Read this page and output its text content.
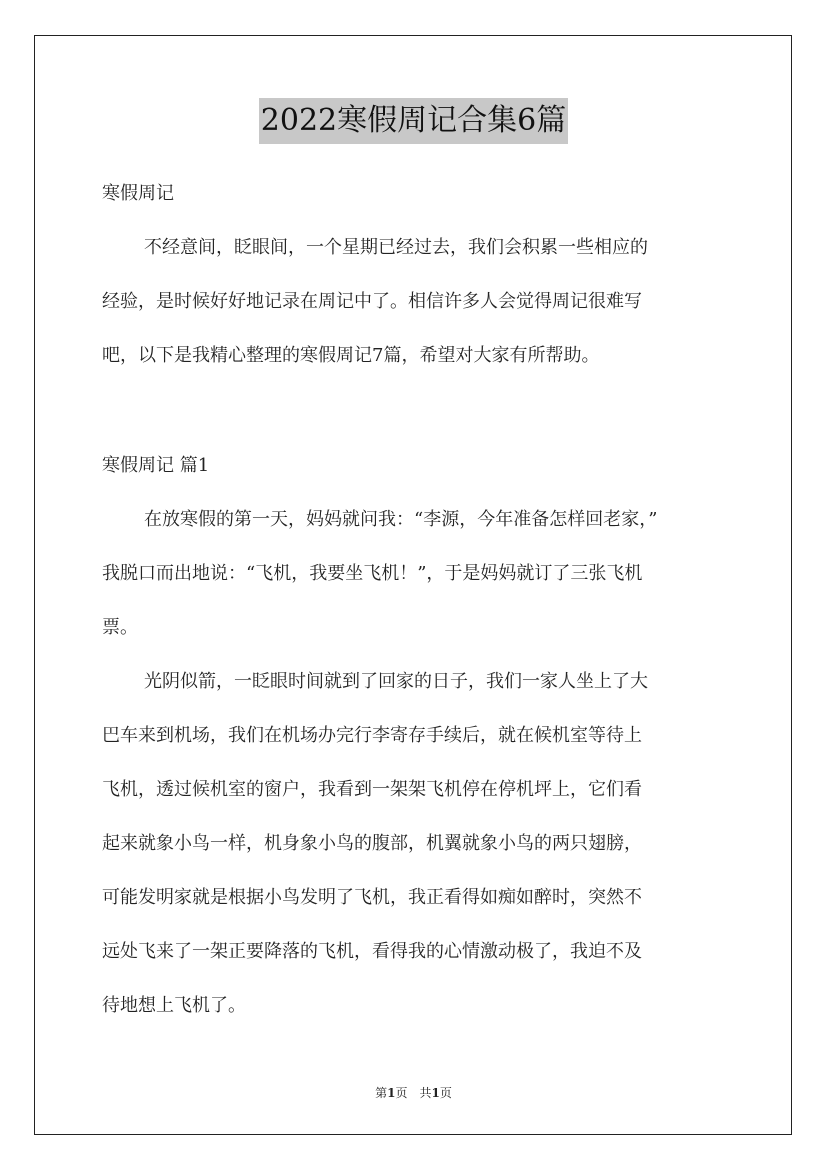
2022寒假周记合集6篇
寒假周记
不经意间，眨眼间，一个星期已经过去，我们会积累一些相应的
经验，是时候好好地记录在周记中了。相信许多人会觉得周记很难写
吧，以下是我精心整理的寒假周记7篇，希望对大家有所帮助。
寒假周记 篇1
在放寒假的第一天，妈妈就问我：“李源，今年准备怎样回老家，”
我脱口而出地说：“飞机，我要坐飞机！”，于是妈妈就订了三张飞机
票。
光阴似箭，一眨眼时间就到了回家的日子，我们一家人坐上了大
巴车来到机场，我们在机场办完行李寄存手续后，就在候机室等待上
飞机，透过候机室的窗户，我看到一架架飞机停在停机坪上，它们看
起来就象小鸟一样，机身象小鸟的腹部，机翼就象小鸟的两只翅膀，
可能发明家就是根据小鸟发明了飞机，我正看得如痴如醉时，突然不
远处飞来了一架正要降落的飞机，看得我的心情激动极了，我迫不及
待地想上飞机了。
第1页　共1页
